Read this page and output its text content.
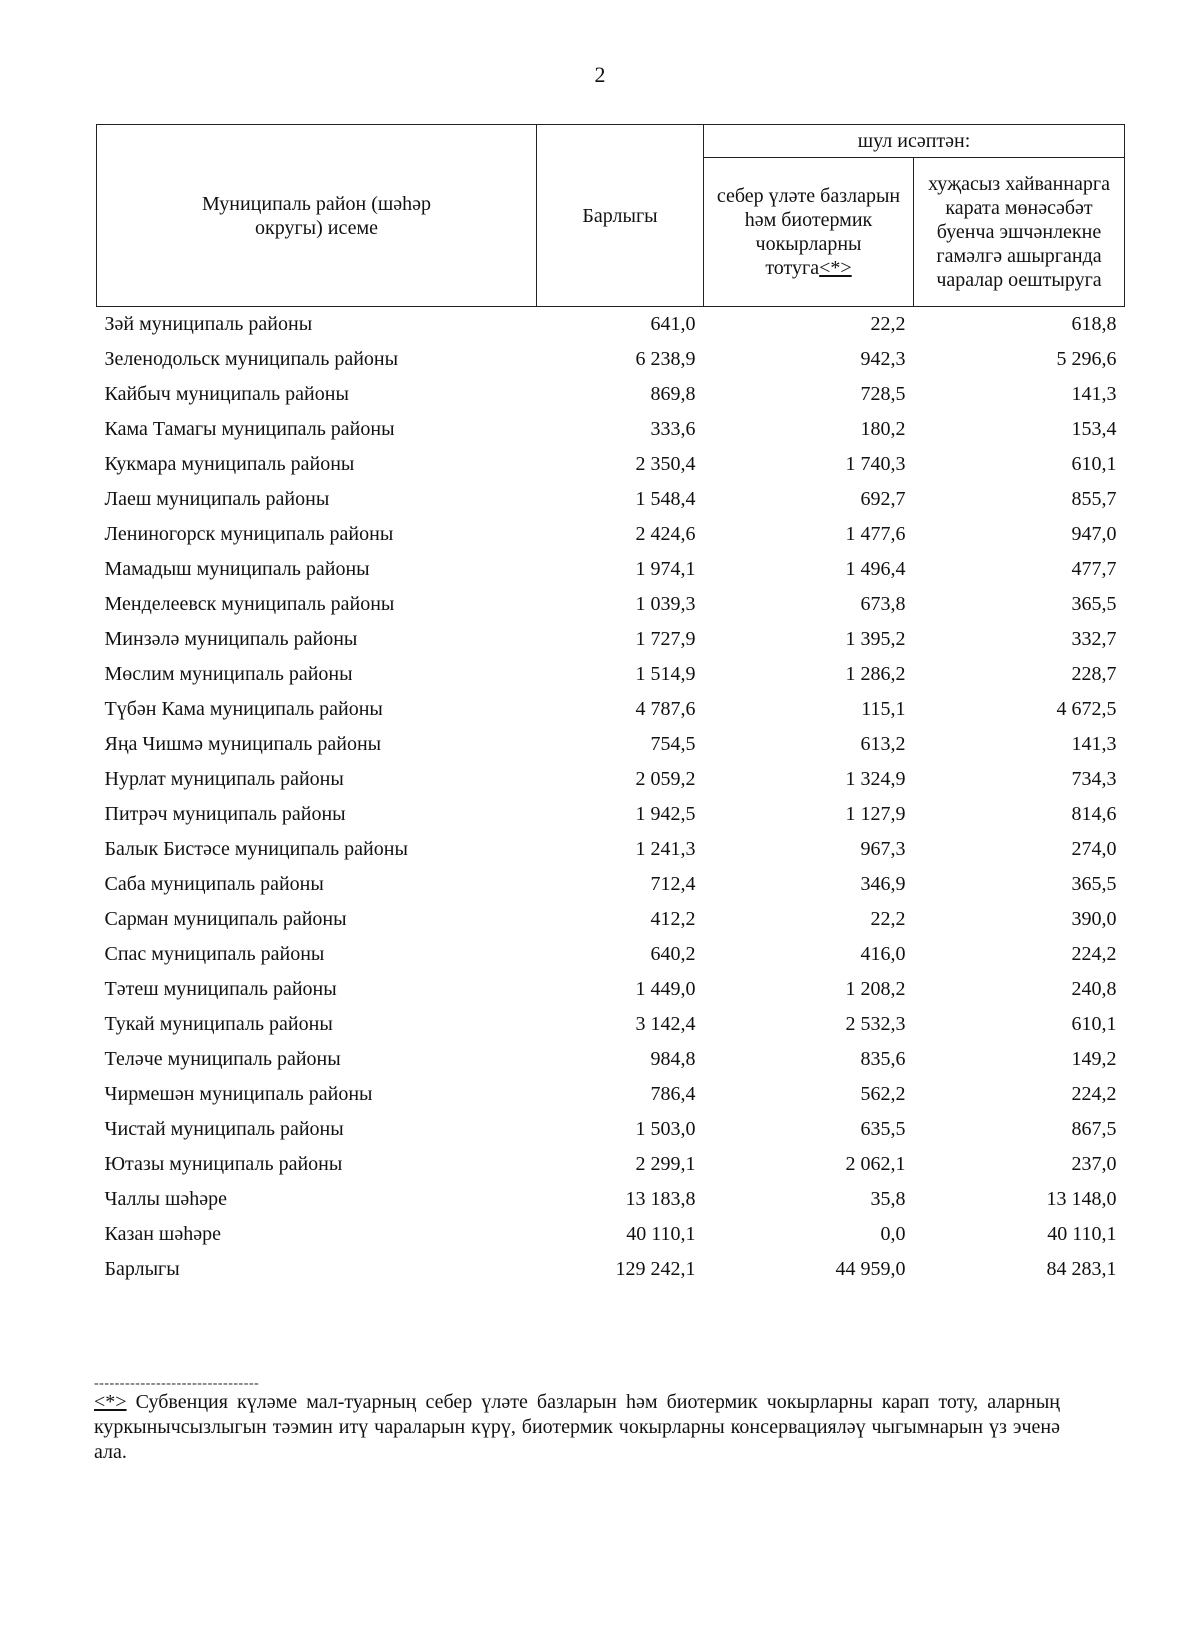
2
Муниципаль район (шәһәр округы) исеме	Барлыгы	шул исәптән:	
		себер үләте базларын һәм биотермик чокырларны тотуга<*>	хуҗасыз хайваннарга карата мөнәсәбәт буенча эшчәнлекне гамәлгә ашырганда чаралар оештыруга
Зәй муниципаль районы	641,0	22,2	618,8
Зеленодольск муниципаль районы	6 238,9	942,3	5 296,6
Кайбыч муниципаль районы	869,8	728,5	141,3
Кама Тамагы муниципаль районы	333,6	180,2	153,4
Кукмара муниципаль районы	2 350,4	1 740,3	610,1
Лаеш муниципаль районы	1 548,4	692,7	855,7
Лениногорск муниципаль районы	2 424,6	1 477,6	947,0
Мамадыш муниципаль районы	1 974,1	1 496,4	477,7
Менделеевск муниципаль районы	1 039,3	673,8	365,5
Минзәлә муниципаль районы	1 727,9	1 395,2	332,7
Мөслим муниципаль районы	1 514,9	1 286,2	228,7
Түбән Кама муниципаль районы	4 787,6	115,1	4 672,5
Яңа Чишмә муниципаль районы	754,5	613,2	141,3
Нурлат муниципаль районы	2 059,2	1 324,9	734,3
Питрәч муниципаль районы	1 942,5	1 127,9	814,6
Балык Бистәсе муниципаль районы	1 241,3	967,3	274,0
Саба муниципаль районы	712,4	346,9	365,5
Сарман муниципаль районы	412,2	22,2	390,0
Спас муниципаль районы	640,2	416,0	224,2
Тәтеш муниципаль районы	1 449,0	1 208,2	240,8
Тукай муниципаль районы	3 142,4	2 532,3	610,1
Теләче муниципаль районы	984,8	835,6	149,2
Чирмешән муниципаль районы	786,4	562,2	224,2
Чистай муниципаль районы	1 503,0	635,5	867,5
Ютазы муниципаль районы	2 299,1	2 062,1	237,0
Чаллы шәһәре	13 183,8	35,8	13 148,0
Казан шәһәре	40 110,1	0,0	40 110,1
Барлыгы	129 242,1	44 959,0	84 283,1
--------------------------------
<*> Субвенция күләме мал-туарның себер үләте базларын һәм биотермик чокырларны карап тоту, аларның куркынычсызлыгын тәэмин итү чараларын күрү, биотермик чокырларны консервацияләү чыгымнарын үз эченә ала.
